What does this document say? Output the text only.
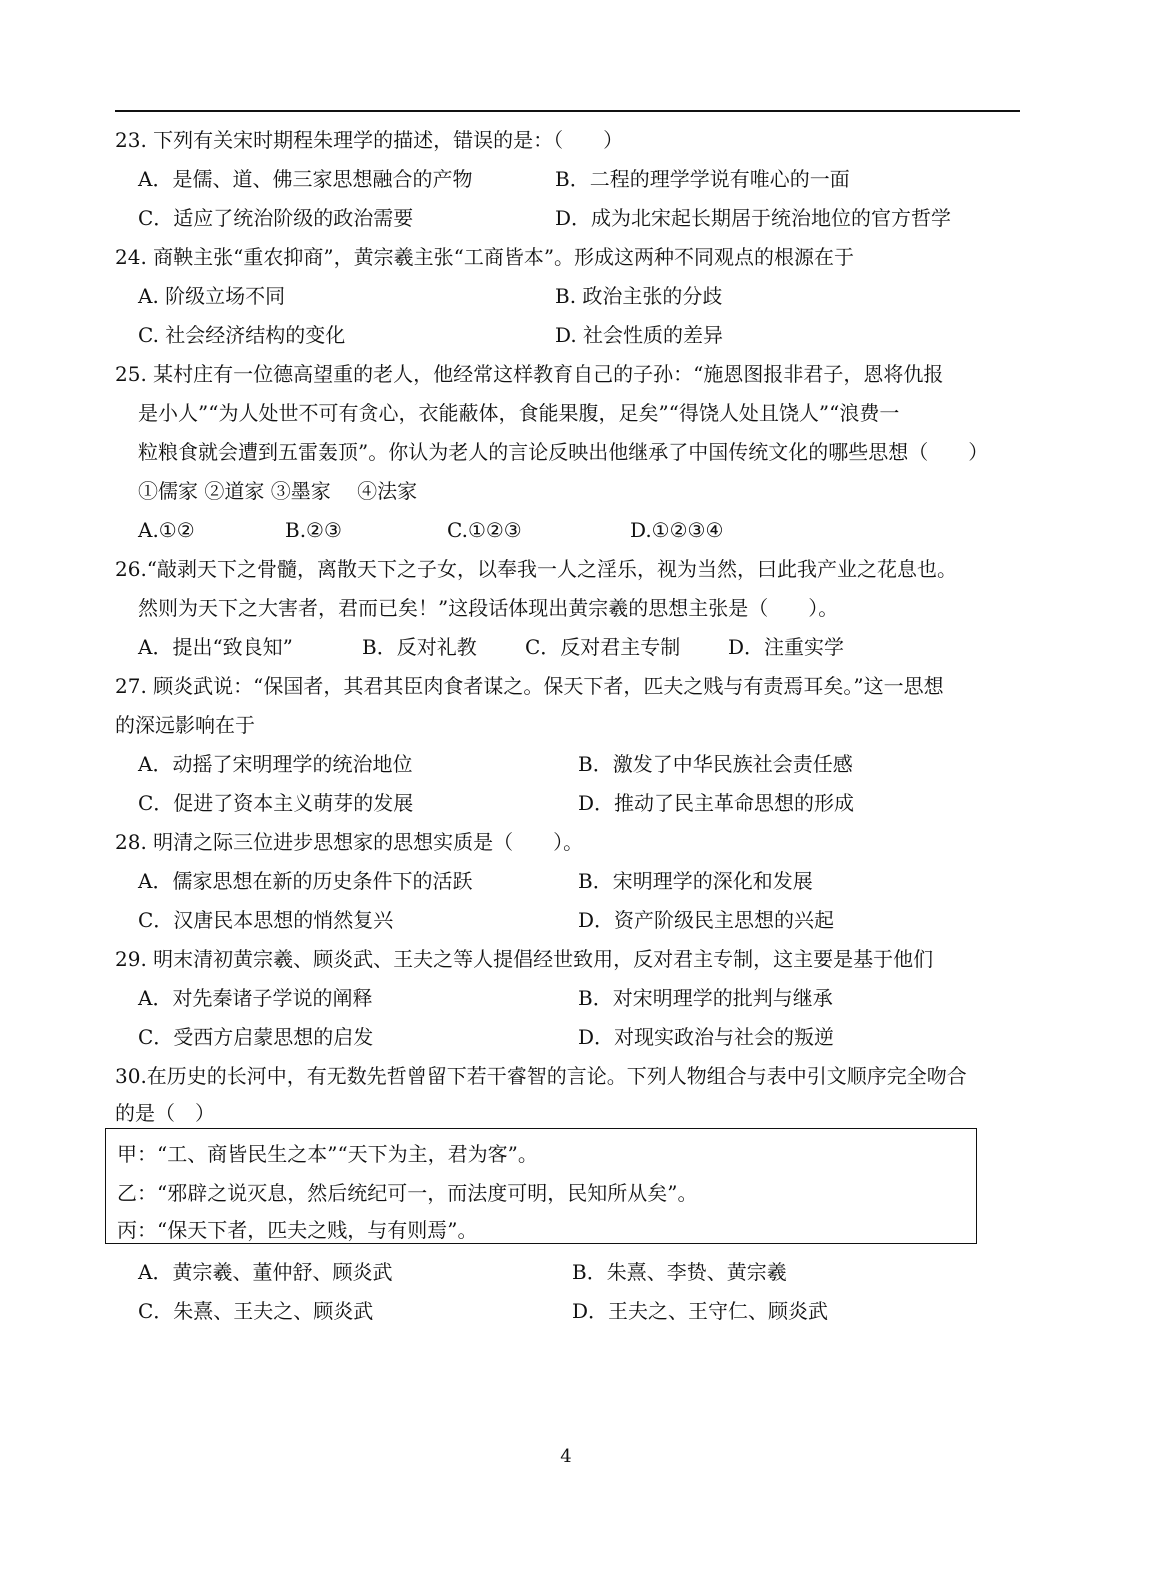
23. 下列有关宋时期程朱理学的描述，错误的是：（　　）
A．是儒、道、佛三家思想融合的产物	B．二程的理学学说有唯心的一面
C．适应了统治阶级的政治需要	D．成为北宋起长期居于统治地位的官方哲学
24. 商鞅主张“重农抑商”，黄宗羲主张“工商皆本”。形成这两种不同观点的根源在于
A. 阶级立场不同	B. 政治主张的分歧
C. 社会经济结构的变化	D. 社会性质的差异
25. 某村庄有一位德高望重的老人，他经常这样教育自己的子孙：“施恩图报非君子，恩将仇报
是小人”“为人处世不可有贪心，衣能蔽体，食能果腹，足矣”“得饶人处且饶人”“浪费一
粒粮食就会遭到五雷轰顶”。你认为老人的言论反映出他继承了中国传统文化的哪些思想（　　）
①儒家 ②道家 ③墨家　 ④法家
A.①②	B.②③	C.①②③	D.①②③④
26.“敲剥天下之骨髓，离散天下之子女，以奉我一人之淫乐，视为当然，曰此我产业之花息也。
然则为天下之大害者，君而已矣！”这段话体现出黄宗羲的思想主张是（　　）。
A．提出“致良知”	B．反对礼教 C．反对君主专制 D．注重实学
27. 顾炎武说：“保国者，其君其臣肉食者谋之。保天下者，匹夫之贱与有责焉耳矣。”这一思想
的深远影响在于
A．动摇了宋明理学的统治地位	B．激发了中华民族社会责任感
C．促进了资本主义萌芽的发展	D．推动了民主革命思想的形成
28. 明清之际三位进步思想家的思想实质是（　　）。
A．儒家思想在新的历史条件下的活跃	B．宋明理学的深化和发展
C．汉唐民本思想的悄然复兴	D．资产阶级民主思想的兴起
29. 明末清初黄宗羲、顾炎武、王夫之等人提倡经世致用，反对君主专制，这主要是基于他们
A．对先秦诸子学说的阐释	B．对宋明理学的批判与继承
C．受西方启蒙思想的启发	D．对现实政治与社会的叛逆
30.在历史的长河中，有无数先哲曾留下若干睿智的言论。下列人物组合与表中引文顺序完全吻合
的是（　）
甲：“工、商皆民生之本”“天下为主，君为客”。
乙：“邪辟之说灭息，然后统纪可一，而法度可明，民知所从矣”。
丙：“保天下者，匹夫之贱，与有则焉”。
A．黄宗羲、董仲舒、顾炎武	B．朱熹、李贽、黄宗羲
C．朱熹、王夫之、顾炎武	D．王夫之、王守仁、顾炎武
4
